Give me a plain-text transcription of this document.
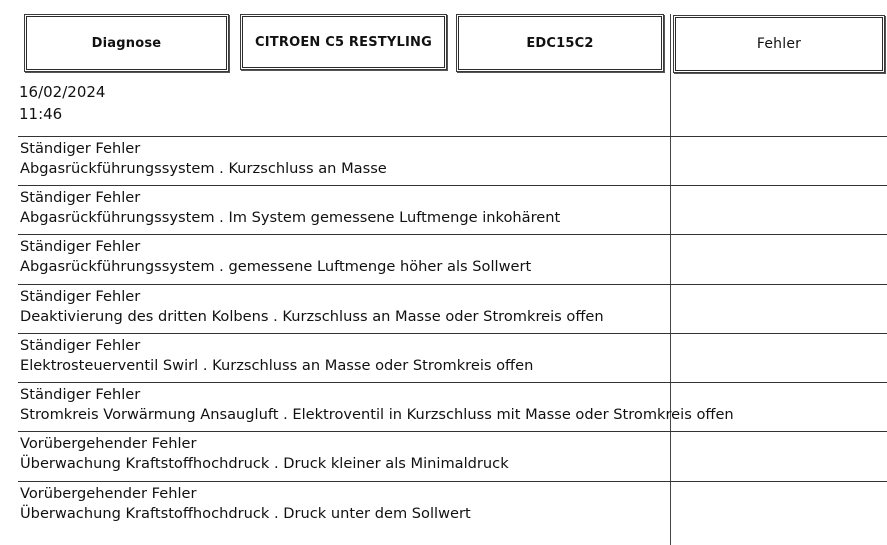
Diagnose	CITROEN C5 RESTYLING	EDC15C2	Fehler
16/02/2024
11:46
Ständiger Fehler
Abgasrückführungssystem . Kurzschluss an Masse
Ständiger Fehler
Abgasrückführungssystem . Im System gemessene Luftmenge inkohärent
Ständiger Fehler
Abgasrückführungssystem . gemessene Luftmenge höher als Sollwert
Ständiger Fehler
Deaktivierung des dritten Kolbens . Kurzschluss an Masse oder Stromkreis offen
Ständiger Fehler
Elektrosteuerventil Swirl . Kurzschluss an Masse oder Stromkreis offen
Ständiger Fehler
Stromkreis Vorwärmung Ansaugluft . Elektroventil in Kurzschluss mit Masse oder Stromkreis offen
Vorübergehender Fehler
Überwachung Kraftstoffhochdruck . Druck kleiner als Minimaldruck
Vorübergehender Fehler
Überwachung Kraftstoffhochdruck . Druck unter dem Sollwert
